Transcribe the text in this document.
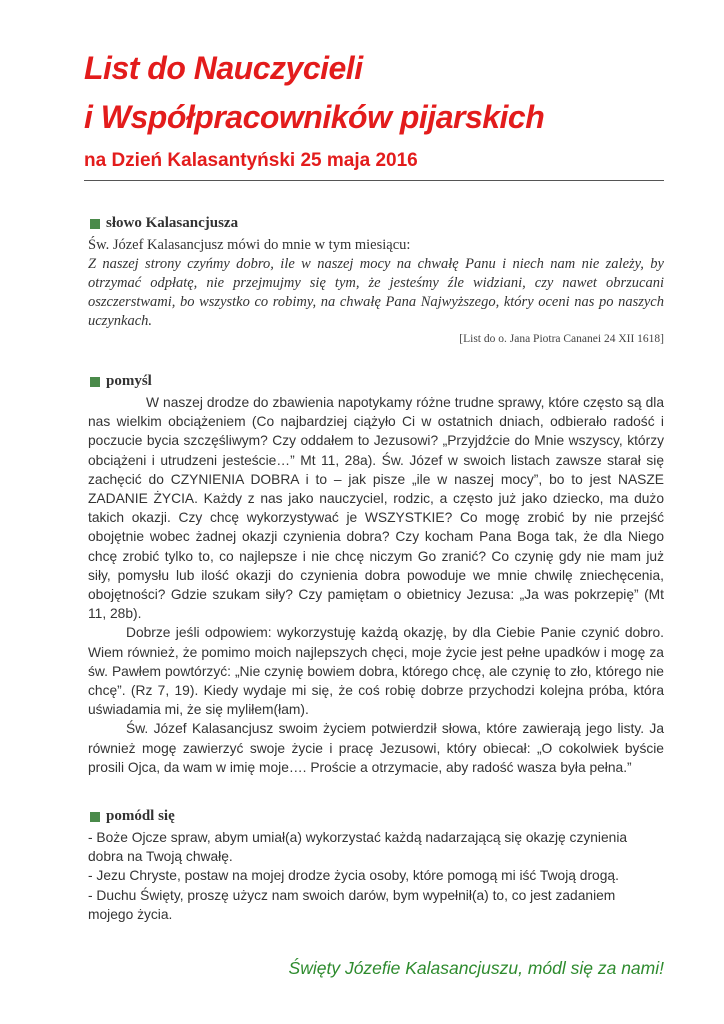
List do Nauczycieli
i Współpracowników pijarskich
na Dzień Kalasantyński 25 maja 2016
słowo Kalasancjusza
Św. Józef Kalasancjusz mówi do mnie w tym miesiącu:

Z naszej strony czyńmy dobro, ile w naszej mocy na chwałę Panu i niech nam nie zależy, by otrzymać odpłatę, nie przejmujmy się tym, że jesteśmy źle widziani, czy nawet obrzucani oszczerstwami, bo wszystko co robimy, na chwałę Pana Najwyższego, który oceni nas po naszych uczynkach.

[List do o. Jana Piotra Cananei 24 XII 1618]
pomyśl

W naszej drodze do zbawienia napotykamy różne trudne sprawy, które często są dla nas wielkim obciążeniem (Co najbardziej ciążyło Ci w ostatnich dniach, odbierało radość i poczucie bycia szczęśliwym? Czy oddałem to Jezusowi? „Przyjdźcie do Mnie wszyscy, którzy obciążeni i utrudzeni jesteście…” Mt 11, 28a). Św. Józef w swoich listach zawsze starał się zachęcić do CZYNIENIA DOBRA i to – jak pisze „ile w naszej mocy”, bo to jest NASZE ZADANIE ŻYCIA. Każdy z nas jako nauczyciel, rodzic, a często już jako dziecko, ma dużo takich okazji. Czy chcę wykorzystywać je WSZYSTKIE? Co mogę zrobić by nie przejść obojętnie wobec żadnej okazji czynienia dobra? Czy kocham Pana Boga tak, że dla Niego chcę zrobić tylko to, co najlepsze i nie chcę niczym Go zranić? Co czynię gdy nie mam już siły, pomysłu lub ilość okazji do czynienia dobra powoduje we mnie chwilę zniechęcenia, obojętności? Gdzie szukam siły? Czy pamiętam o obietnicy Jezusa: „Ja was pokrzepię” (Mt 11, 28b).

Dobrze jeśli odpowiem: wykorzystuję każdą okazję, by dla Ciebie Panie czynić dobro. Wiem również, że pomimo moich najlepszych chęci, moje życie jest pełne upadków i mogę za św. Pawłem powtórzyć: „Nie czynię bowiem dobra, którego chcę, ale czynię to zło, którego nie chcę”. (Rz 7, 19). Kiedy wydaje mi się, że coś robię dobrze przychodzi kolejna próba, która uświadamia mi, że się myliłem(łam).

Św. Józef Kalasancjusz swoim życiem potwierdził słowa, które zawierają jego listy. Ja również mogę zawierzyć swoje życie i pracę Jezusowi, który obiecał: „O cokolwiek byście prosili Ojca, da wam w imię moje…. Proście a otrzymacie, aby radość wasza była pełna.”

pomódl się

- Boże Ojcze spraw, abym umiał(a) wykorzystać każdą nadarzającą się okazję czynienia dobra na Twoją chwałę.

- Jezu Chryste, postaw na mojej drodze życia osoby, które pomogą mi iść Twoją drogą.

- Duchu Święty, proszę użycz nam swoich darów, bym wypełnił(a) to, co jest zadaniem mojego życia.

Święty Józefie Kalasancjuszu, módl się za nami!
